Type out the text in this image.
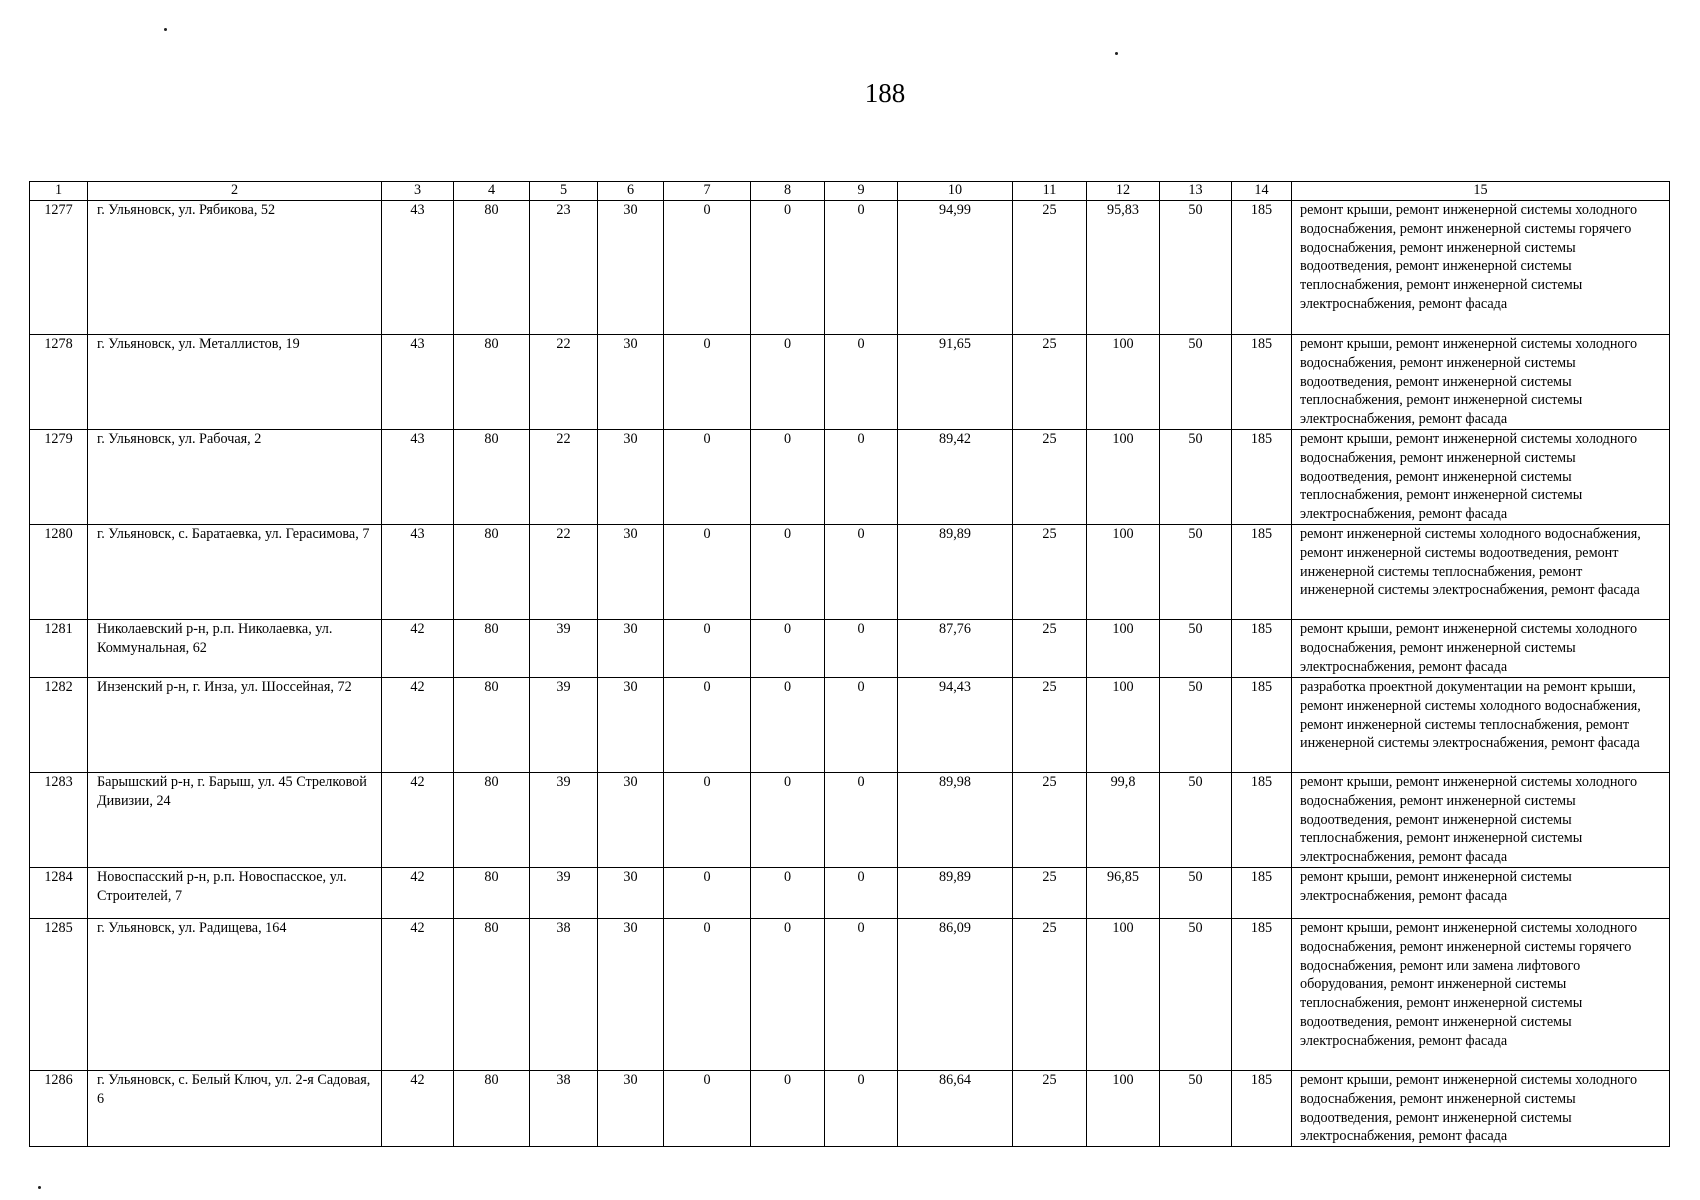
188
1	2	3	4	5	6	7	8	9	10	11	12	13	14	15
1277	г. Ульяновск, ул. Рябикова, 52	43	80	23	30	0	0	0	94,99	25	95,83	50	185	ремонт крыши, ремонт инженерной системы холодного водоснабжения, ремонт инженерной системы горячего водоснабжения, ремонт инженерной системы водоотведения, ремонт инженерной системы теплоснабжения, ремонт инженерной системы электроснабжения, ремонт фасада
1278	г. Ульяновск, ул. Металлистов, 19	43	80	22	30	0	0	0	91,65	25	100	50	185	ремонт крыши, ремонт инженерной системы холодного водоснабжения, ремонт инженерной системы водоотведения, ремонт инженерной системы теплоснабжения, ремонт инженерной системы электроснабжения, ремонт фасада
1279	г. Ульяновск, ул. Рабочая, 2	43	80	22	30	0	0	0	89,42	25	100	50	185	ремонт крыши, ремонт инженерной системы холодного водоснабжения, ремонт инженерной системы водоотведения, ремонт инженерной системы теплоснабжения, ремонт инженерной системы электроснабжения, ремонт фасада
1280	г. Ульяновск, с. Баратаевка, ул. Герасимова, 7	43	80	22	30	0	0	0	89,89	25	100	50	185	ремонт инженерной системы холодного водоснабжения, ремонт инженерной системы водоотведения, ремонт инженерной системы теплоснабжения, ремонт инженерной системы электроснабжения, ремонт фасада
1281	Николаевский р-н, р.п. Николаевка, ул. Коммунальная, 62	42	80	39	30	0	0	0	87,76	25	100	50	185	ремонт крыши, ремонт инженерной системы холодного водоснабжения, ремонт инженерной системы электроснабжения, ремонт фасада
1282	Инзенский р-н, г. Инза, ул. Шоссейная, 72	42	80	39	30	0	0	0	94,43	25	100	50	185	разработка проектной документации на ремонт крыши, ремонт инженерной системы холодного водоснабжения, ремонт инженерной системы теплоснабжения, ремонт инженерной системы электроснабжения, ремонт фасада
1283	Барышский р-н, г. Барыш, ул. 45 Стрелковой Дивизии, 24	42	80	39	30	0	0	0	89,98	25	99,8	50	185	ремонт крыши, ремонт инженерной системы холодного водоснабжения, ремонт инженерной системы водоотведения, ремонт инженерной системы теплоснабжения, ремонт инженерной системы электроснабжения, ремонт фасада
1284	Новоспасский р-н, р.п. Новоспасское, ул. Строителей, 7	42	80	39	30	0	0	0	89,89	25	96,85	50	185	ремонт крыши, ремонт инженерной системы электроснабжения, ремонт фасада
1285	г. Ульяновск, ул. Радищева, 164	42	80	38	30	0	0	0	86,09	25	100	50	185	ремонт крыши, ремонт инженерной системы холодного водоснабжения, ремонт инженерной системы горячего водоснабжения, ремонт или замена лифтового оборудования, ремонт инженерной системы теплоснабжения, ремонт инженерной системы водоотведения, ремонт инженерной системы электроснабжения, ремонт фасада
1286	г. Ульяновск, с. Белый Ключ, ул. 2-я Садовая, 6	42	80	38	30	0	0	0	86,64	25	100	50	185	ремонт крыши, ремонт инженерной системы холодного водоснабжения, ремонт инженерной системы водоотведения, ремонт инженерной системы электроснабжения, ремонт фасада
